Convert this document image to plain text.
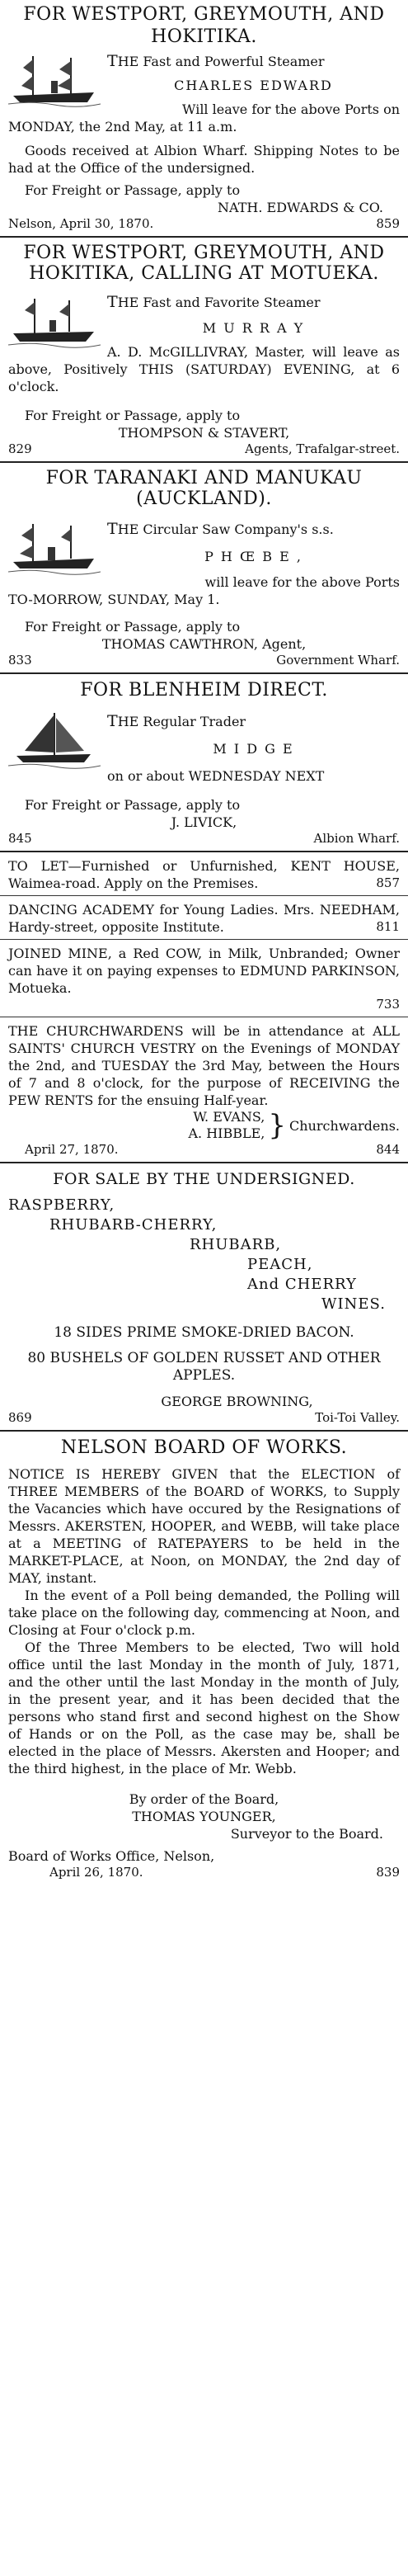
FOR WESTPORT, GREYMOUTH, AND HOKITIKA.
THE Fast and Powerful Steamer
CHARLES EDWARD
Will leave for the above Ports on
MONDAY, the 2nd May, at 11 a.m.
Goods received at Albion Wharf. Shipping Notes to be had at the Office of the undersigned.
For Freight or Passage, apply to
NATH. EDWARDS & CO.
Nelson, April 30, 1870.	859
FOR WESTPORT, GREYMOUTH, AND HOKITIKA, CALLING AT MOTUEKA.
THE Fast and Favorite Steamer
M U R R A Y
A. D. McGILLIVRAY, Master, will leave as above, Positively THIS (SATURDAY) EVENING, at 6 o'clock.
For Freight or Passage, apply to
THOMPSON & STAVERT,
829	Agents, Trafalgar-street.
FOR TARANAKI AND MANUKAU (AUCKLAND).
THE Circular Saw Company's s.s.
P H Œ B E ,
will leave for the above Ports
TO-MORROW, SUNDAY, May 1.
For Freight or Passage, apply to
THOMAS CAWTHRON, Agent,
833	Government Wharf.
FOR BLENHEIM DIRECT.
THE Regular Trader
M I D G E
on or about WEDNESDAY NEXT
For Freight or Passage, apply to
J. LIVICK,
845	Albion Wharf.
TO LET—Furnished or Unfurnished, KENT HOUSE, Waimea-road. Apply on the Premises.	857
DANCING ACADEMY for Young Ladies. Mrs. NEEDHAM, Hardy-street, opposite Institute.	811
JOINED MINE, a Red COW, in Milk, Unbranded; Owner can have it on paying expenses to EDMUND PARKINSON, Motueka.
733
THE CHURCHWARDENS will be in attendance at ALL SAINTS' CHURCH VESTRY on the Evenings of MONDAY the 2nd, and TUESDAY the 3rd May, between the Hours of 7 and 8 o'clock, for the purpose of RECEIVING the PEW RENTS for the ensuing Half-year.
W. EVANS,
A. HIBBLE, } Churchwardens.
April 27, 1870.	844
FOR SALE BY THE UNDERSIGNED.
RASPBERRY,
RHUBARB-CHERRY,
RHUBARB,
PEACH,
And CHERRY
WINES.
18 SIDES PRIME SMOKE-DRIED BACON.
80 BUSHELS OF GOLDEN RUSSET AND OTHER APPLES.
GEORGE BROWNING,
869	Toi-Toi Valley.
NELSON BOARD OF WORKS.
NOTICE IS HEREBY GIVEN that the ELECTION of THREE MEMBERS of the BOARD of WORKS, to Supply the Vacancies which have occured by the Resignations of Messrs. AKERSTEN, HOOPER, and WEBB, will take place at a MEETING of RATEPAYERS to be held in the MARKET-PLACE, at Noon, on MONDAY, the 2nd day of MAY, instant.
In the event of a Poll being demanded, the Polling will take place on the following day, commencing at Noon, and Closing at Four o'clock p.m.
Of the Three Members to be elected, Two will hold office until the last Monday in the month of July, 1871, and the other until the last Monday in the month of July, in the present year, and it has been decided that the persons who stand first and second highest on the Show of Hands or on the Poll, as the case may be, shall be elected in the place of Messrs. Akersten and Hooper; and the third highest, in the place of Mr. Webb.
By order of the Board,
THOMAS YOUNGER,
Surveyor to the Board.
Board of Works Office, Nelson,
April 26, 1870.	839
